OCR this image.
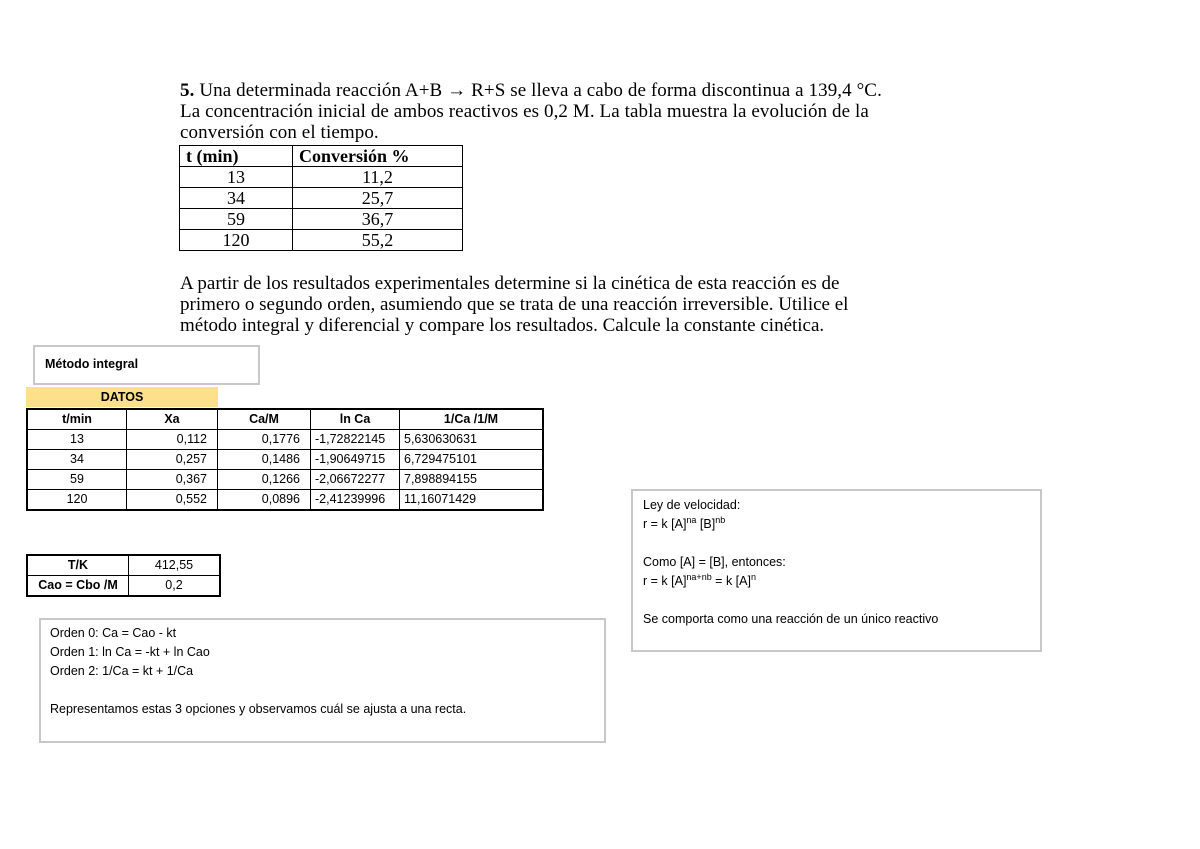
5. Una determinada reacción A+B → R+S se lleva a cabo de forma discontinua a 139,4 °C. La concentración inicial de ambos reactivos es 0,2 M. La tabla muestra la evolución de la conversión con el tiempo.
t (min)	Conversión %
13	11,2
34	25,7
59	36,7
120	55,2
A partir de los resultados experimentales determine si la cinética de esta reacción es de primero o segundo orden, asumiendo que se trata de una reacción irreversible. Utilice el método integral y diferencial y compare los resultados. Calcule la constante cinética.
Método integral
DATOS
t/min	Xa	Ca/M	ln Ca	1/Ca /1/M
13	0,112	0,1776	-1,72822145	5,630630631
34	0,257	0,1486	-1,90649715	6,729475101
59	0,367	0,1266	-2,06672277	7,898894155
120	0,552	0,0896	-2,41239996	11,16071429
T/K	412,55
Cao = Cbo /M	0,2
Orden 0: Ca = Cao - kt
Orden 1: ln Ca = -kt + ln Cao
Orden 2: 1/Ca = kt + 1/Ca
Representamos estas 3 opciones y observamos cuál se ajusta a una recta.
Ley de velocidad:
r = k $[A]^{na}$ $[B]^{nb}$
Como [A] = [B], entonces:
r = k $[A]^{na+nb} = k$ $[A]^n$
Se comporta como una reacción de un único reactivo
